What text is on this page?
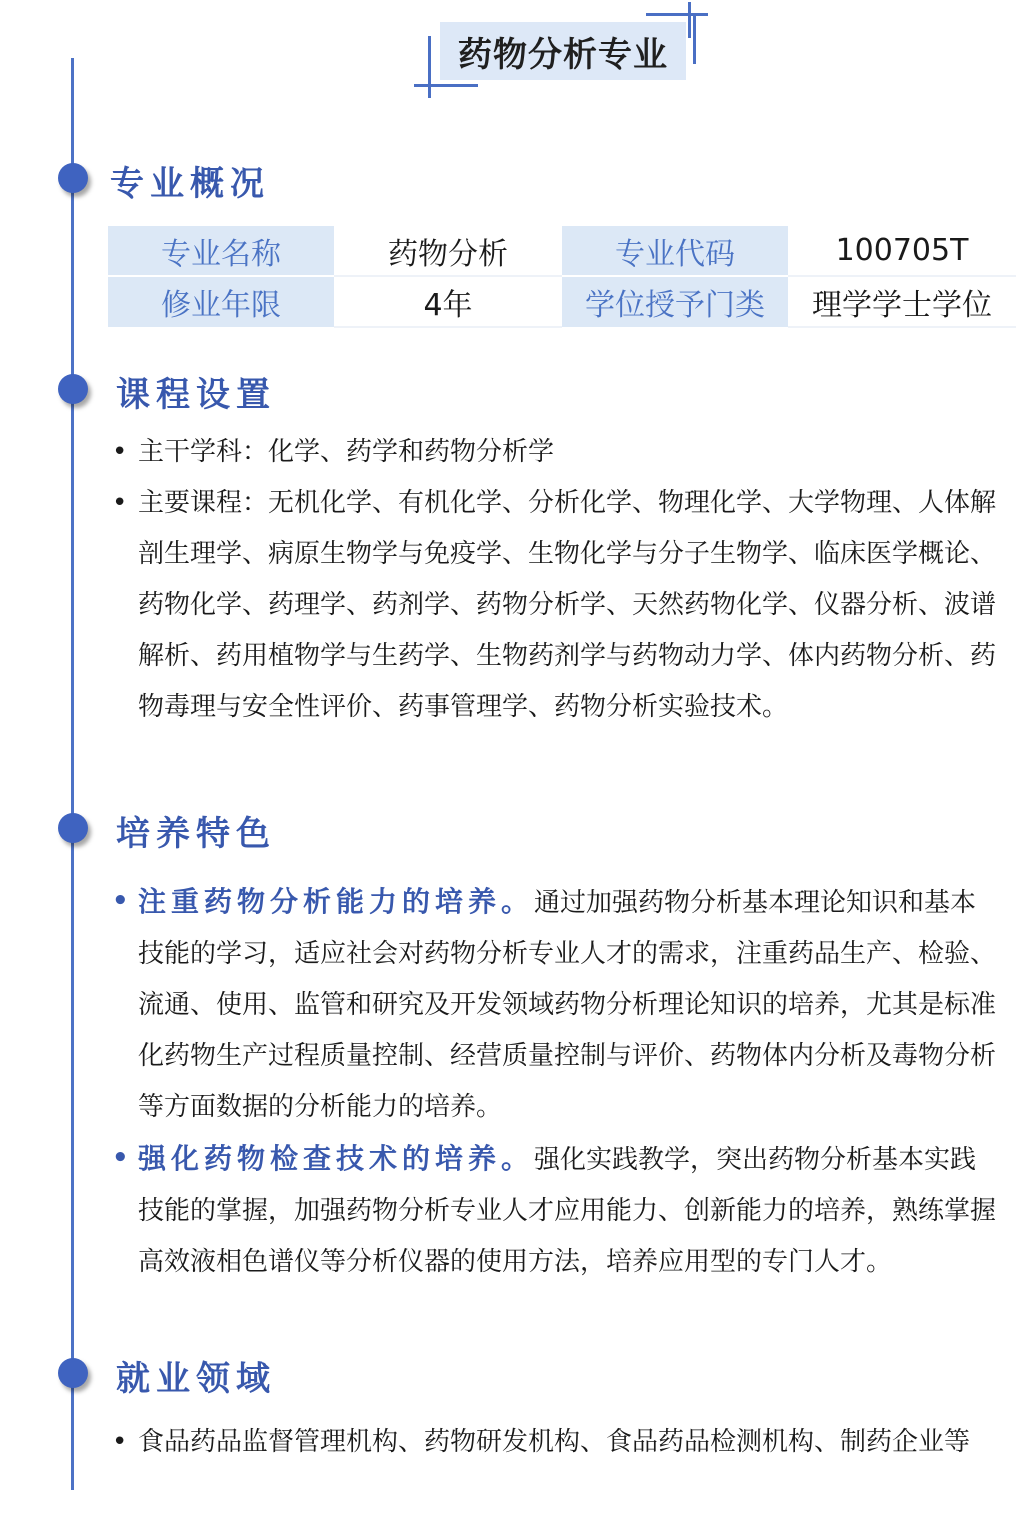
药物分析专业
专业概况
专业名称	药物分析	专业代码	100705T
修业年限	4年	学位授予门类	理学学士学位
课程设置
• 主干学科：化学、药学和药物分析学
• 主要课程：无机化学、有机化学、分析化学、物理化学、大学物理、人体解剖生理学、病原生物学与免疫学、生物化学与分子生物学、临床医学概论、药物化学、药理学、药剂学、药物分析学、天然药物化学、仪器分析、波谱解析、药用植物学与生药学、生物药剂学与药物动力学、体内药物分析、药物毒理与安全性评价、药事管理学、药物分析实验技术。
培养特色
• 注重药物分析能力的培养。通过加强药物分析基本理论知识和基本技能的学习，适应社会对药物分析专业人才的需求，注重药品生产、检验、流通、使用、监管和研究及开发领域药物分析理论知识的培养，尤其是标准化药物生产过程质量控制、经营质量控制与评价、药物体内分析及毒物分析等方面数据的分析能力的培养。
• 强化药物检查技术的培养。强化实践教学，突出药物分析基本实践技能的掌握，加强药物分析专业人才应用能力、创新能力的培养，熟练掌握高效液相色谱仪等分析仪器的使用方法，培养应用型的专门人才。
就业领域
• 食品药品监督管理机构、药物研发机构、食品药品检测机构、制药企业等
